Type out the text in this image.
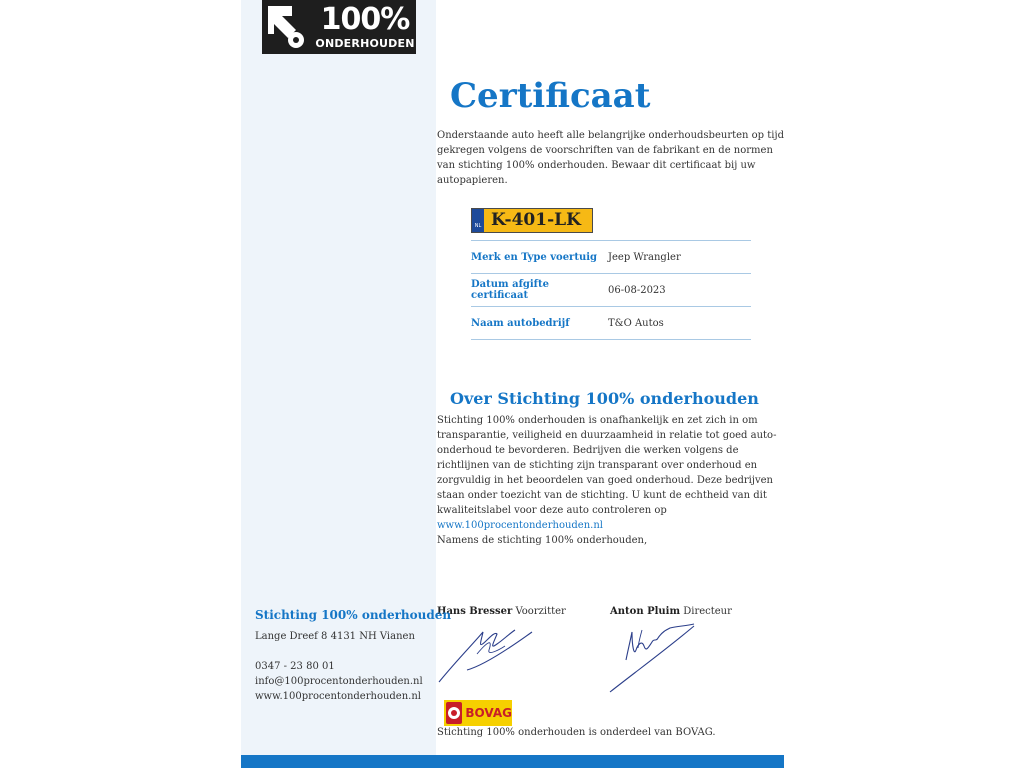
100%
ONDERHOUDEN
Certificaat

Onderstaande auto heeft alle belangrijke onderhoudsbeurten op tijd gekregen volgens de voorschriften van de fabrikant en de normen van stichting 100% onderhouden. Bewaar dit certificaat bij uw autopapieren.

NL K-401-LK
Merk en Type voertuig	Jeep Wrangler
Datum afgifte certificaat	06-08-2023
Naam autobedrijf	T&O Autos
Over Stichting 100% onderhouden

Stichting 100% onderhouden is onafhankelijk en zet zich in om transparantie, veiligheid en duurzaamheid in relatie tot goed auto-onderhoud te bevorderen. Bedrijven die werken volgens de richtlijnen van de stichting zijn transparant over onderhoud en zorgvuldig in het beoordelen van goed onderhoud. Deze bedrijven staan onder toezicht van de stichting. U kunt de echtheid van dit kwaliteitslabel voor deze auto controleren op www.100procentonderhouden.nl
Namens de stichting 100% onderhouden,

Hans Bresser Voorzitter	Anton Pluim Directeur
BOVAG

Stichting 100% onderhouden is onderdeel van BOVAG.

Stichting 100% onderhouden

Lange Dreef 8 4131 NH Vianen

0347 - 23 80 01
info@100procentonderhouden.nl
www.100procentonderhouden.nl
